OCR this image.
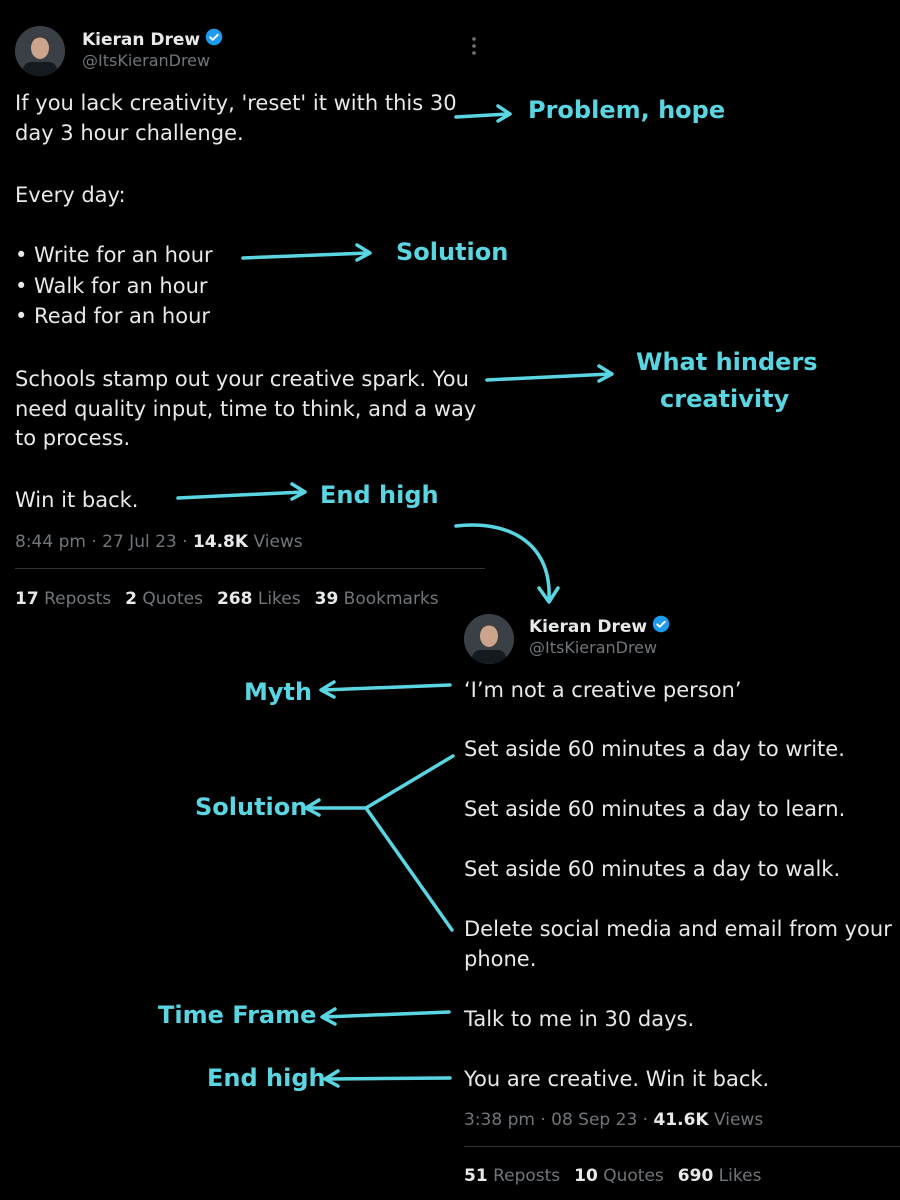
Kieran Drew
@ItsKieranDrew
If you lack creativity, 'reset' it with this 30
day 3 hour challenge.
Every day:
• Write for an hour
• Walk for an hour
• Read for an hour
Schools stamp out your creative spark. You
need quality input, time to think, and a way
to process.
Win it back.
8:44 pm · 27 Jul 23 · 14.8K Views
17 Reposts 2 Quotes 268 Likes 39 Bookmarks
Kieran Drew
@ItsKieranDrew
‘I’m not a creative person’
Set aside 60 minutes a day to write.
Set aside 60 minutes a day to learn.
Set aside 60 minutes a day to walk.
Delete social media and email from your
phone.
Talk to me in 30 days.
You are creative. Win it back.
3:38 pm · 08 Sep 23 · 41.6K Views
51 Reposts 10 Quotes 690 Likes
Problem, hope
Solution
What hinders
creativity
End high
Myth
Solution
Time Frame
End high
